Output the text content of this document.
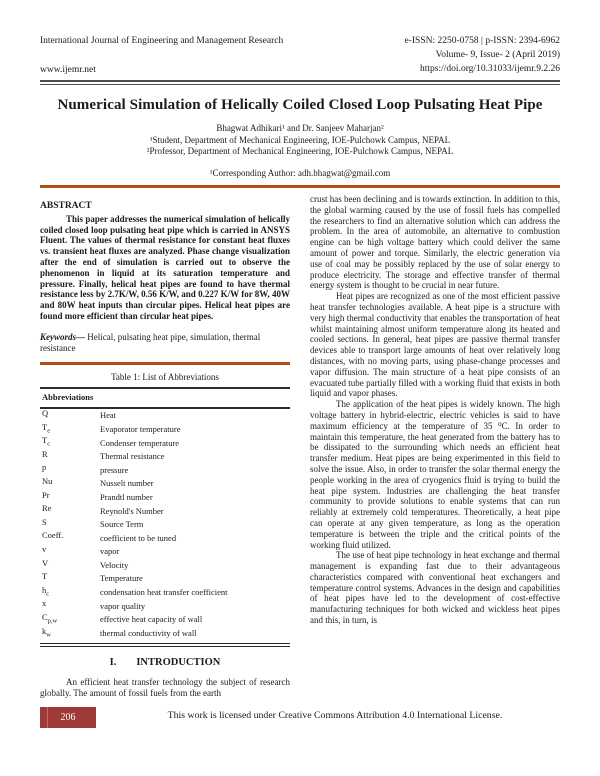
International Journal of Engineering and Management Research
www.ijemr.net
e-ISSN: 2250-0758 | p-ISSN: 2394-6962
Volume- 9, Issue- 2 (April 2019)
https://doi.org/10.31033/ijemr.9.2.26
Numerical Simulation of Helically Coiled Closed Loop Pulsating Heat Pipe
Bhagwat Adhikari¹ and Dr. Sanjeev Maharjan²
¹Student, Department of Mechanical Engineering, IOE-Pulchowk Campus, NEPAL
²Professor, Department of Mechanical Engineering, IOE-Pulchowk Campus, NEPAL
¹Corresponding Author: adh.bhagwat@gmail.com
ABSTRACT

This paper addresses the numerical simulation of helically coiled closed loop pulsating heat pipe which is carried in ANSYS Fluent. The values of thermal resistance for constant heat fluxes vs. transient heat fluxes are analyzed. Phase change visualization after the end of simulation is carried out to observe the phenomenon in liquid at its saturation temperature and pressure. Finally, helical heat pipes are found to have thermal resistance less by 2.7K/W, 0.56 K/W, and 0.227 K/W for 8W, 40W and 80W heat inputs than circular pipes. Helical heat pipes are found more efficient than circular heat pipes.

Keywords— Helical, pulsating heat pipe, simulation, thermal resistance

Table 1: List of Abbreviations
Abbreviations
Q	Heat
$T_e$	Evaporator temperature
$T_c$	Condenser temperature
R	Thermal resistance
p	pressure
Nu	Nusselt number
Pr	Prandtl number
Re	Reynold's Number
S	Source Term
Coeff.	coefficient to be tuned
v	vapor
V	Velocity
T	Temperature
$h_c$	condensation heat transfer coefficient
x	vapor quality
$C_{p,w}$	effective heat capacity of wall
$k_w$	thermal conductivity of wall
I. INTRODUCTION

An efficient heat transfer technology the subject of research globally. The amount of fossil fuels from the earth

crust has been declining and is towards extinction. In addition to this, the global warming caused by the use of fossil fuels has compelled the researchers to find an alternative solution which can address the problem. In the area of automobile, an alternative to combustion engine can be high voltage battery which could deliver the same amount of power and torque. Similarly, the electric generation via use of coal may be possibly replaced by the use of solar energy to produce electricity. The storage and effective transfer of thermal energy system is thought to be crucial in near future.

Heat pipes are recognized as one of the most efficient passive heat transfer technologies available. A heat pipe is a structure with very high thermal conductivity that enables the transportation of heat whilst maintaining almost uniform temperature along its heated and cooled sections. In general, heat pipes are passive thermal transfer devices able to transport large amounts of heat over relatively long distances, with no moving parts, using phase-change processes and vapor diffusion. The main structure of a heat pipe consists of an evacuated tube partially filled with a working fluid that exists in both liquid and vapor phases.

The application of the heat pipes is widely known. The high voltage battery in hybrid-electric, electric vehicles is said to have maximum efficiency at the temperature of 35 ⁰C. In order to maintain this temperature, the heat generated from the battery has to be dissipated to the surrounding which needs an efficient heat transfer medium. Heat pipes are being experimented in this field to solve the issue. Also, in order to transfer the solar thermal energy the people working in the area of cryogenics fluid is trying to build the heat pipe system. Industries are challenging the heat transfer community to provide solutions to enable systems that can run reliably at extremely cold temperatures. Theoretically, a heat pipe can operate at any given temperature, as long as the operation temperature is between the triple and the critical points of the working fluid utilized.

The use of heat pipe technology in heat exchange and thermal management is expanding fast due to their advantageous characteristics compared with conventional heat exchangers and temperature control systems. Advances in the design and capabilities of heat pipes have led to the development of cost-effective manufacturing techniques for both wicked and wickless heat pipes and this, in turn, is

206	This work is licensed under Creative Commons Attribution 4.0 International License.
